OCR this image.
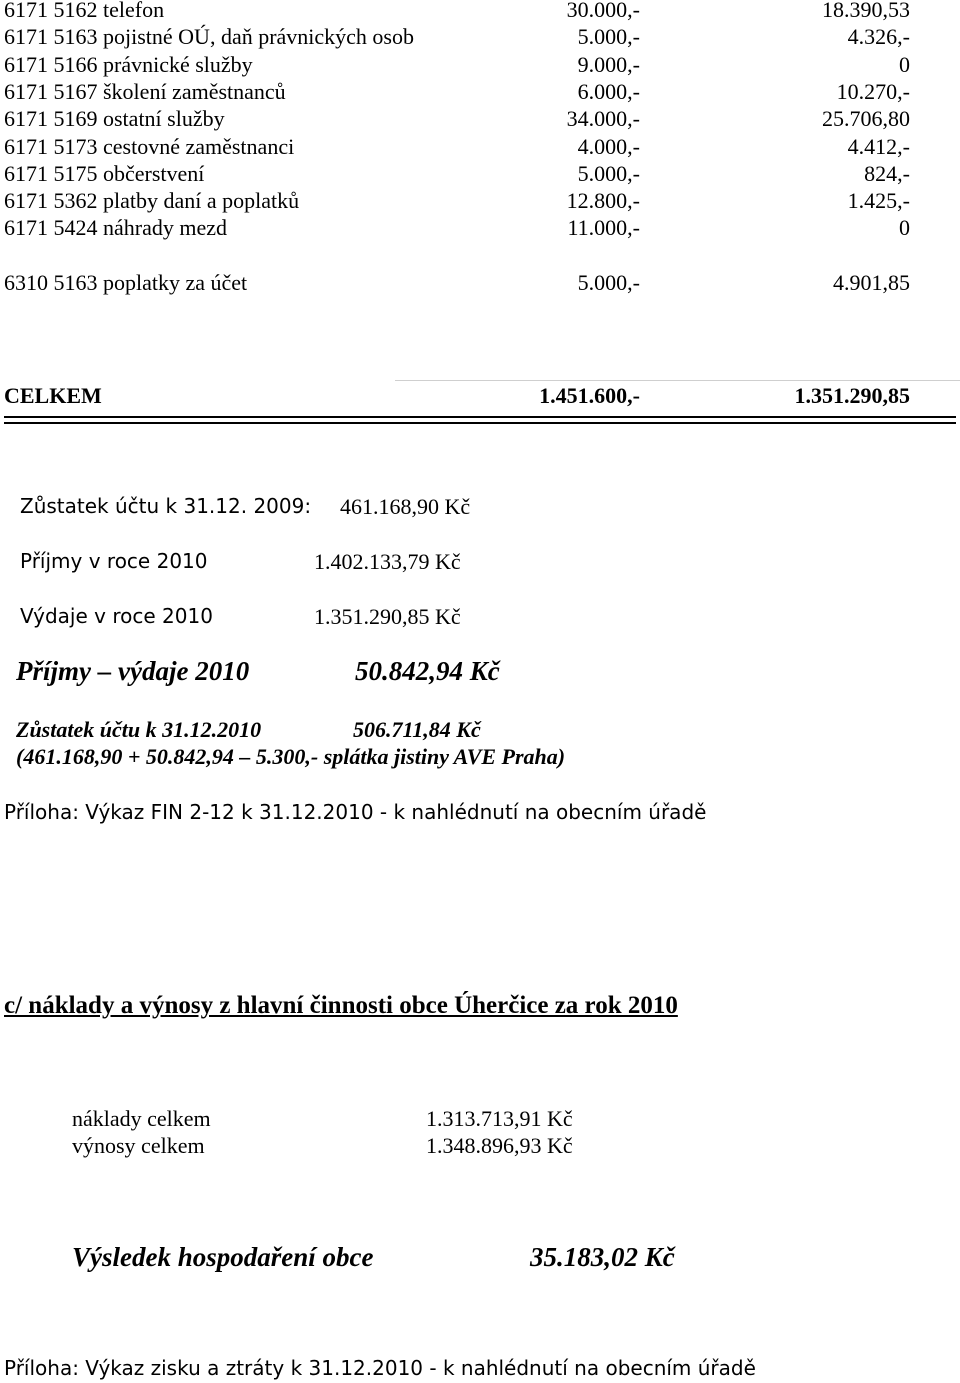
6171 5162 telefon	30.000,-	18.390,53
6171 5163 pojistné OÚ, daň právnických osob	5.000,-	4.326,-
6171 5166 právnické služby	9.000,-	0
6171 5167 školení zaměstnanců	6.000,-	10.270,-
6171 5169 ostatní služby	34.000,-	25.706,80
6171 5173 cestovné zaměstnanci	4.000,-	4.412,-
6171 5175 občerstvení	5.000,-	824,-
6171 5362 platby daní a poplatků	12.800,-	1.425,-
6171 5424 náhrady mezd	11.000,-	0
6310 5163 poplatky za účet	5.000,-	4.901,85
CELKEM	1.451.600,-	1.351.290,85
Zůstatek účtu k 31.12. 2009: 461.168,90 Kč
Příjmy v roce 2010	1.402.133,79 Kč
Výdaje v roce 2010	1.351.290,85 Kč
Příjmy – výdaje 2010	50.842,94 Kč
Zůstatek účtu k 31.12.2010	506.711,84 Kč
(461.168,90 + 50.842,94 – 5.300,- splátka jistiny AVE Praha)
Příloha: Výkaz FIN 2-12 k 31.12.2010 - k nahlédnutí na obecním úřadě
c/ náklady a výnosy z hlavní činnosti obce Úherčice za rok 2010
náklady celkem	1.313.713,91 Kč
výnosy celkem	1.348.896,93 Kč
Výsledek hospodaření obce	35.183,02 Kč
Příloha: Výkaz zisku a ztráty k 31.12.2010 - k nahlédnutí na obecním úřadě
